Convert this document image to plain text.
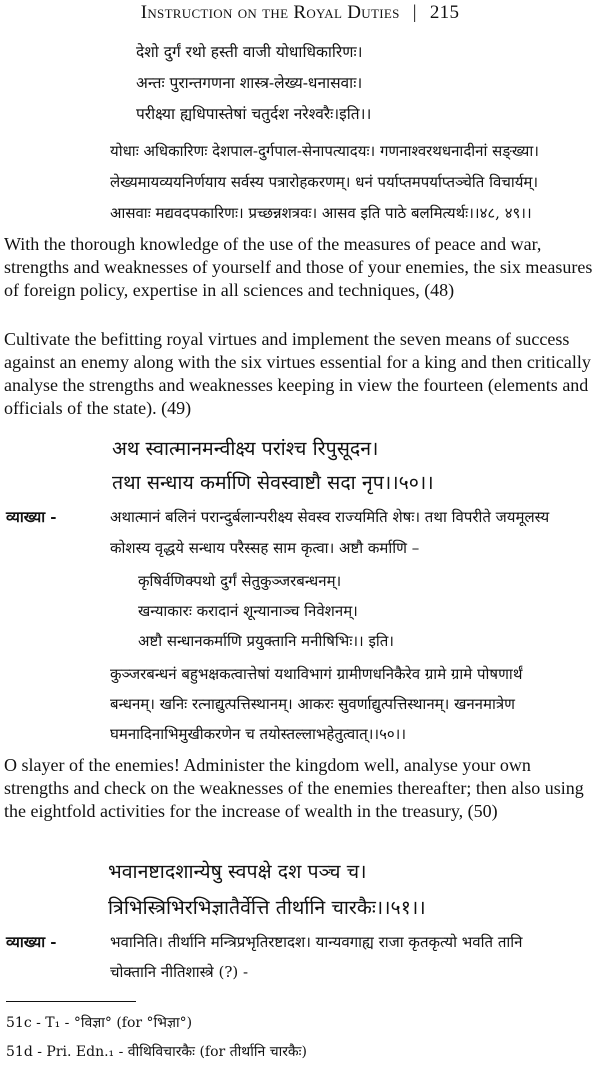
Instruction on the Royal Duties | 215
देशो दुर्गं रथो हस्ती वाजी योधाधिकारिणः।
अन्तः पुरान्तगणना शास्त्र-लेख्य-धनासवाः।
परीक्ष्या ह्यधिपास्तेषां चतुर्दश नरेश्वरैः।इति।।
योधाः अधिकारिणः देशपाल-दुर्गपाल-सेनापत्यादयः। गणनाश्वरथधनादीनां सङ्ख्या।
लेख्यमायव्ययनिर्णयाय सर्वस्य पत्रारोहकरणम्। धनं पर्याप्तमपर्याप्तञ्चेति विचार्यम्।
आसवाः मद्यवदपकारिणः। प्रच्छन्नशत्रवः। आसव इति पाठे बलमित्यर्थः।।४८, ४९।।
With the thorough knowledge of the use of the measures of peace and war, strengths and weaknesses of yourself and those of your enemies, the six measures of foreign policy, expertise in all sciences and techniques, (48)
Cultivate the befitting royal virtues and implement the seven means of success against an enemy along with the six virtues essential for a king and then critically analyse the strengths and weaknesses keeping in view the fourteen (elements and officials of the state). (49)
अथ स्वात्मानमन्वीक्ष्य परांश्च रिपुसूदन।
तथा सन्धाय कर्माणि सेवस्वाष्टौ सदा नृप।।५०।।
व्याख्या -	अथात्मानं बलिनं परान्दुर्बलान्परीक्ष्य सेवस्व राज्यमिति शेषः। तथा विपरीते जयमूलस्य
कोशस्य वृद्धये सन्धाय परैस्सह साम कृत्वा। अष्टौ कर्माणि –
कृषिर्वणिक्पथो दुर्गं सेतुकुञ्जरबन्धनम्।
खन्याकारः करादानं शून्यानाञ्च निवेशनम्।
अष्टौ सन्धानकर्माणि प्रयुक्तानि मनीषिभिः।। इति।
कुञ्जरबन्धनं बहुभक्षकत्वात्तेषां यथाविभागं ग्रामीणधनिकैरेव ग्रामे ग्रामे पोषणार्थं
बन्धनम्। खनिः रत्नाद्युत्पत्तिस्थानम्। आकरः सुवर्णाद्युत्पत्तिस्थानम्। खननमात्रेण
घमनादिनाभिमुखीकरणेन च तयोस्तल्लाभहेतुत्वात्।।५०।।
O slayer of the enemies! Administer the kingdom well, analyse your own strengths and check on the weaknesses of the enemies thereafter; then also using the eightfold activities for the increase of wealth in the treasury, (50)
भवानष्टादशान्येषु स्वपक्षे दश पञ्च च।
त्रिभिस्त्रिभिरभिज्ञातैर्वेत्ति तीर्थानि चारकैः।।५१।।
व्याख्या -	भवानिति। तीर्थानि मन्त्रिप्रभृतिरष्टादश। यान्यवगाह्य राजा कृतकृत्यो भवति तानि
चोक्तानि नीतिशास्त्रे (?) -
51c - T₁ - °विज्ञा° (for °भिज्ञा°)
51d - Pri. Edn.₁ - वीथिविचारकैः (for तीर्थानि चारकैः)
